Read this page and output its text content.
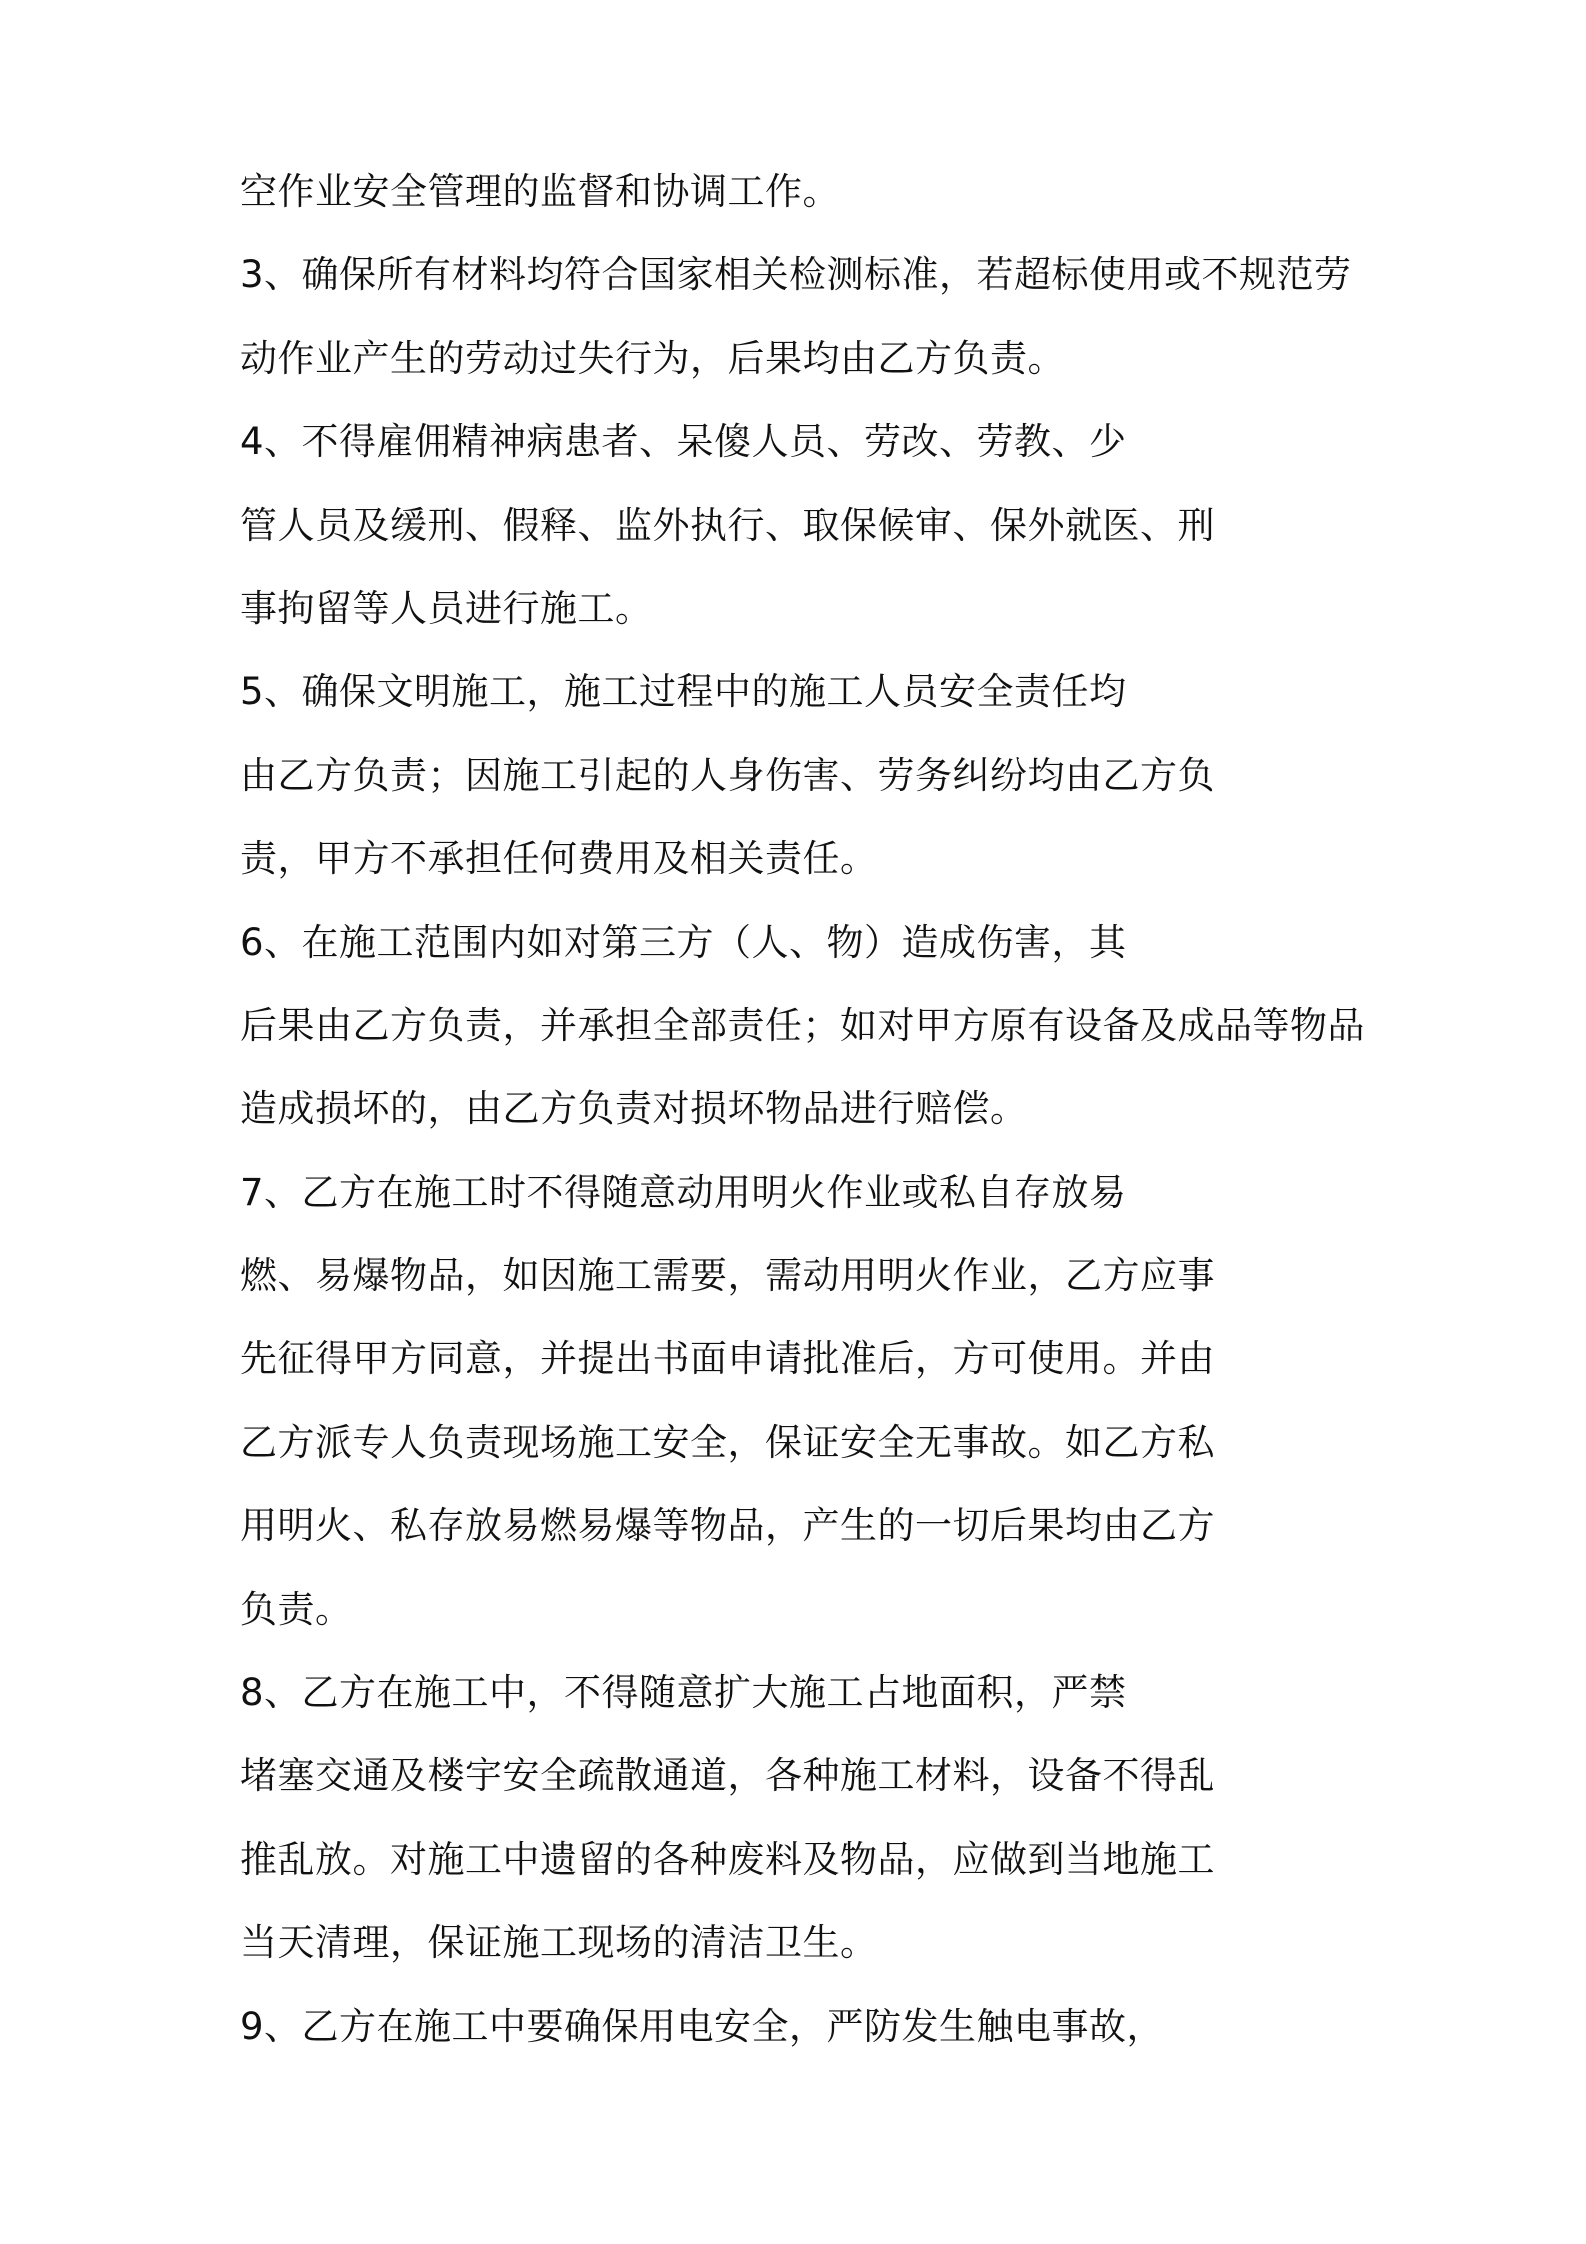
空作业安全管理的监督和协调工作。
3、确保所有材料均符合国家相关检测标准，若超标使用或不规范劳
动作业产生的劳动过失行为，后果均由乙方负责。
4、不得雇佣精神病患者、呆傻人员、劳改、劳教、少
管人员及缓刑、假释、监外执行、取保候审、保外就医、刑
事拘留等人员进行施工。
5、确保文明施工，施工过程中的施工人员安全责任均
由乙方负责；因施工引起的人身伤害、劳务纠纷均由乙方负
责，甲方不承担任何费用及相关责任。
6、在施工范围内如对第三方（人、物）造成伤害，其
后果由乙方负责，并承担全部责任；如对甲方原有设备及成品等物品
造成损坏的，由乙方负责对损坏物品进行赔偿。
7、乙方在施工时不得随意动用明火作业或私自存放易
燃、易爆物品，如因施工需要，需动用明火作业，乙方应事
先征得甲方同意，并提出书面申请批准后，方可使用。并由
乙方派专人负责现场施工安全，保证安全无事故。如乙方私
用明火、私存放易燃易爆等物品，产生的一切后果均由乙方
负责。
8、乙方在施工中，不得随意扩大施工占地面积，严禁
堵塞交通及楼宇安全疏散通道，各种施工材料，设备不得乱
推乱放。对施工中遗留的各种废料及物品，应做到当地施工
当天清理，保证施工现场的清洁卫生。
9、乙方在施工中要确保用电安全，严防发生触电事故，
